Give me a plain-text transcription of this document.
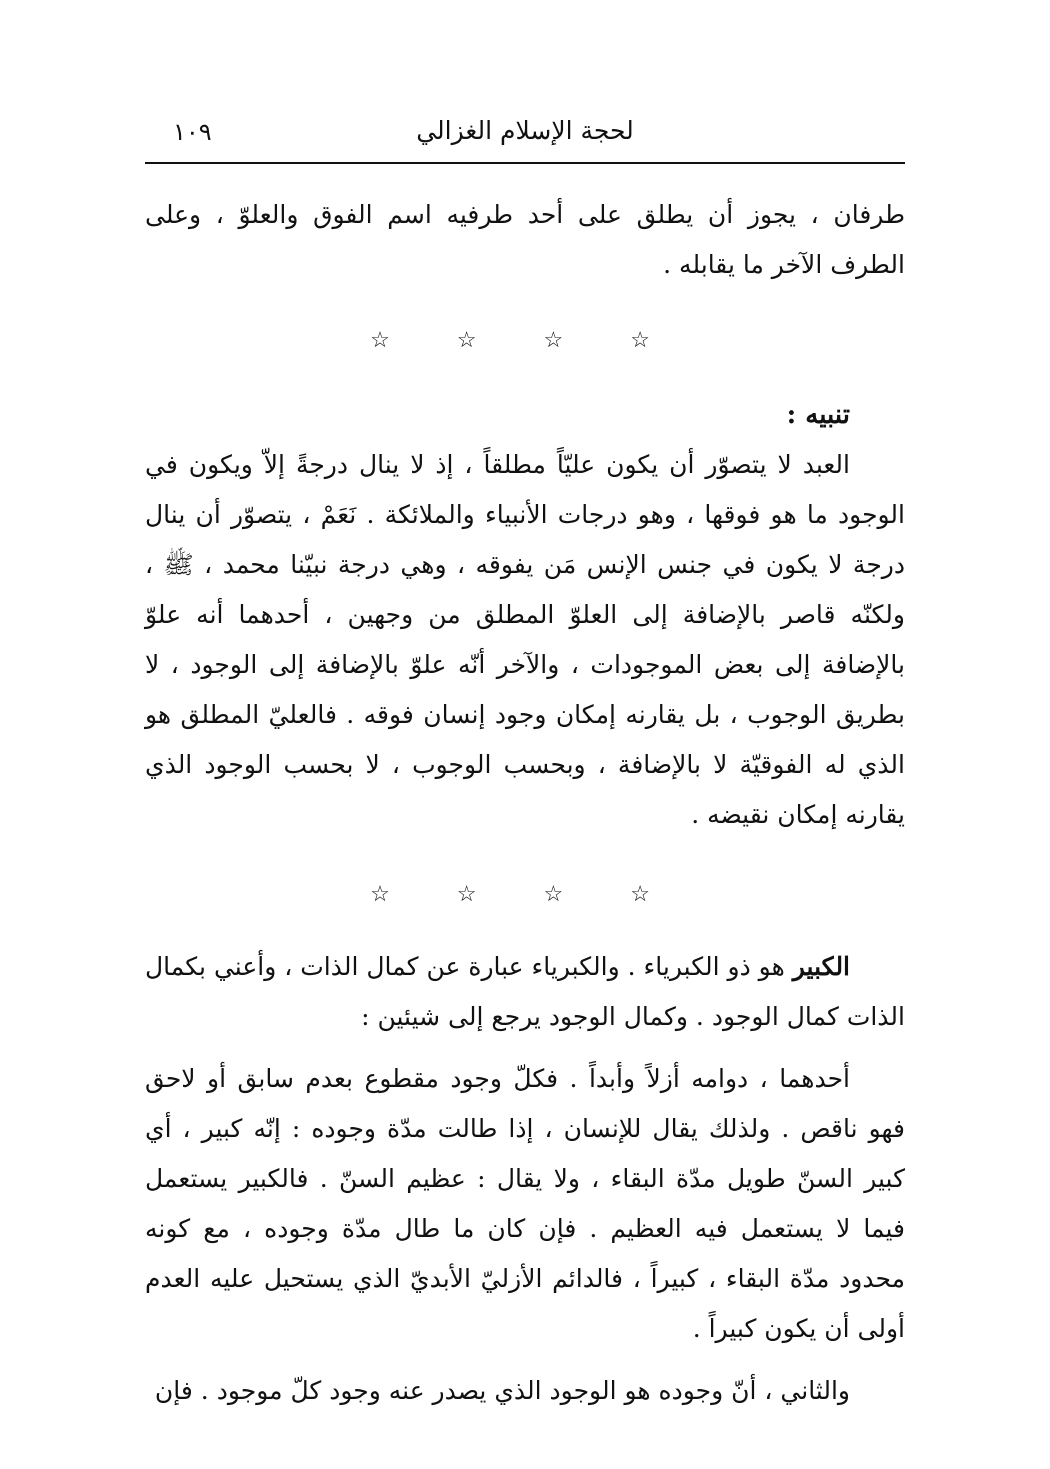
لحجة الإسلام الغزالي
١٠٩

طرفان ، يجوز أن يطلق على أحد طرفيه اسم الفوق والعلوّ ، وعلى الطرف الآخر ما يقابله .

☆ ☆ ☆ ☆

تنبيه :

العبد لا يتصوّر أن يكون عليّاً مطلقاً ، إذ لا ينال درجةً إلاّ ويكون في الوجود ما هو فوقها ، وهو درجات الأنبياء والملائكة . نَعَمْ ، يتصوّر أن ينال درجة لا يكون في جنس الإنس مَن يفوقه ، وهي درجة نبيّنا محمد ، ﷺ ، ولكنّه قاصر بالإضافة إلى العلوّ المطلق من وجهين ، أحدهما أنه علوّ بالإضافة إلى بعض الموجودات ، والآخر أنّه علوّ بالإضافة إلى الوجود ، لا بطريق الوجوب ، بل يقارنه إمكان وجود إنسان فوقه . فالعليّ المطلق هو الذي له الفوقيّة لا بالإضافة ، وبحسب الوجوب ، لا بحسب الوجود الذي يقارنه إمكان نقيضه .

☆ ☆ ☆ ☆

الكبير هو ذو الكبرياء . والكبرياء عبارة عن كمال الذات ، وأعني بكمال الذات كمال الوجود . وكمال الوجود يرجع إلى شيئين :

أحدهما ، دوامه أزلاً وأبداً . فكلّ وجود مقطوع بعدم سابق أو لاحق فهو ناقص . ولذلك يقال للإنسان ، إذا طالت مدّة وجوده : إنّه كبير ، أي كبير السنّ طويل مدّة البقاء ، ولا يقال : عظيم السنّ . فالكبير يستعمل فيما لا يستعمل فيه العظيم . فإن كان ما طال مدّة وجوده ، مع كونه محدود مدّة البقاء ، كبيراً ، فالدائم الأزليّ الأبديّ الذي يستحيل عليه العدم أولى أن يكون كبيراً .

والثاني ، أنّ وجوده هو الوجود الذي يصدر عنه وجود كلّ موجود . فإن
